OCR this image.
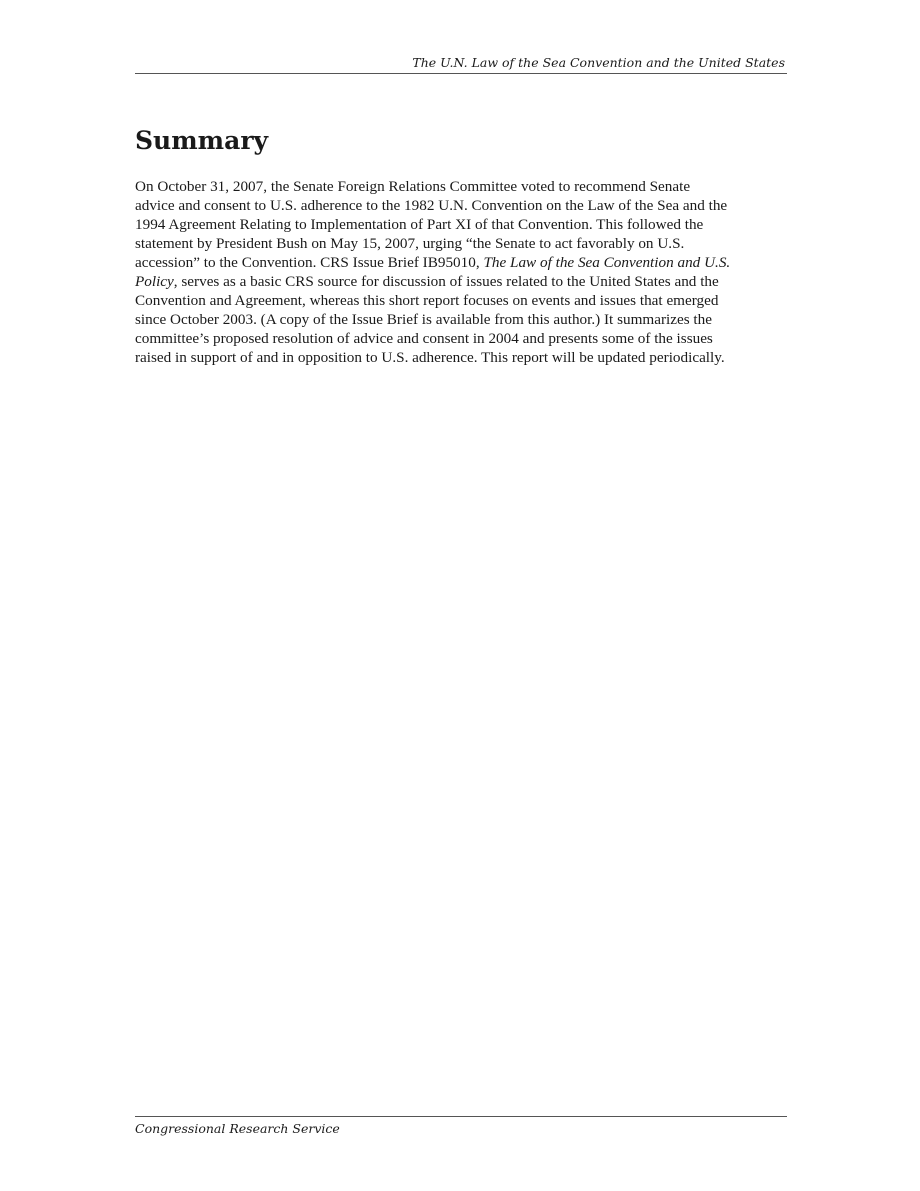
The U.N. Law of the Sea Convention and the United States
Summary

On October 31, 2007, the Senate Foreign Relations Committee voted to recommend Senate
advice and consent to U.S. adherence to the 1982 U.N. Convention on the Law of the Sea and the
1994 Agreement Relating to Implementation of Part XI of that Convention. This followed the
statement by President Bush on May 15, 2007, urging “the Senate to act favorably on U.S.
accession” to the Convention. CRS Issue Brief IB95010, The Law of the Sea Convention and U.S.
Policy, serves as a basic CRS source for discussion of issues related to the United States and the
Convention and Agreement, whereas this short report focuses on events and issues that emerged
since October 2003. (A copy of the Issue Brief is available from this author.) It summarizes the
committee’s proposed resolution of advice and consent in 2004 and presents some of the issues
raised in support of and in opposition to U.S. adherence. This report will be updated periodically.

Congressional Research Service
